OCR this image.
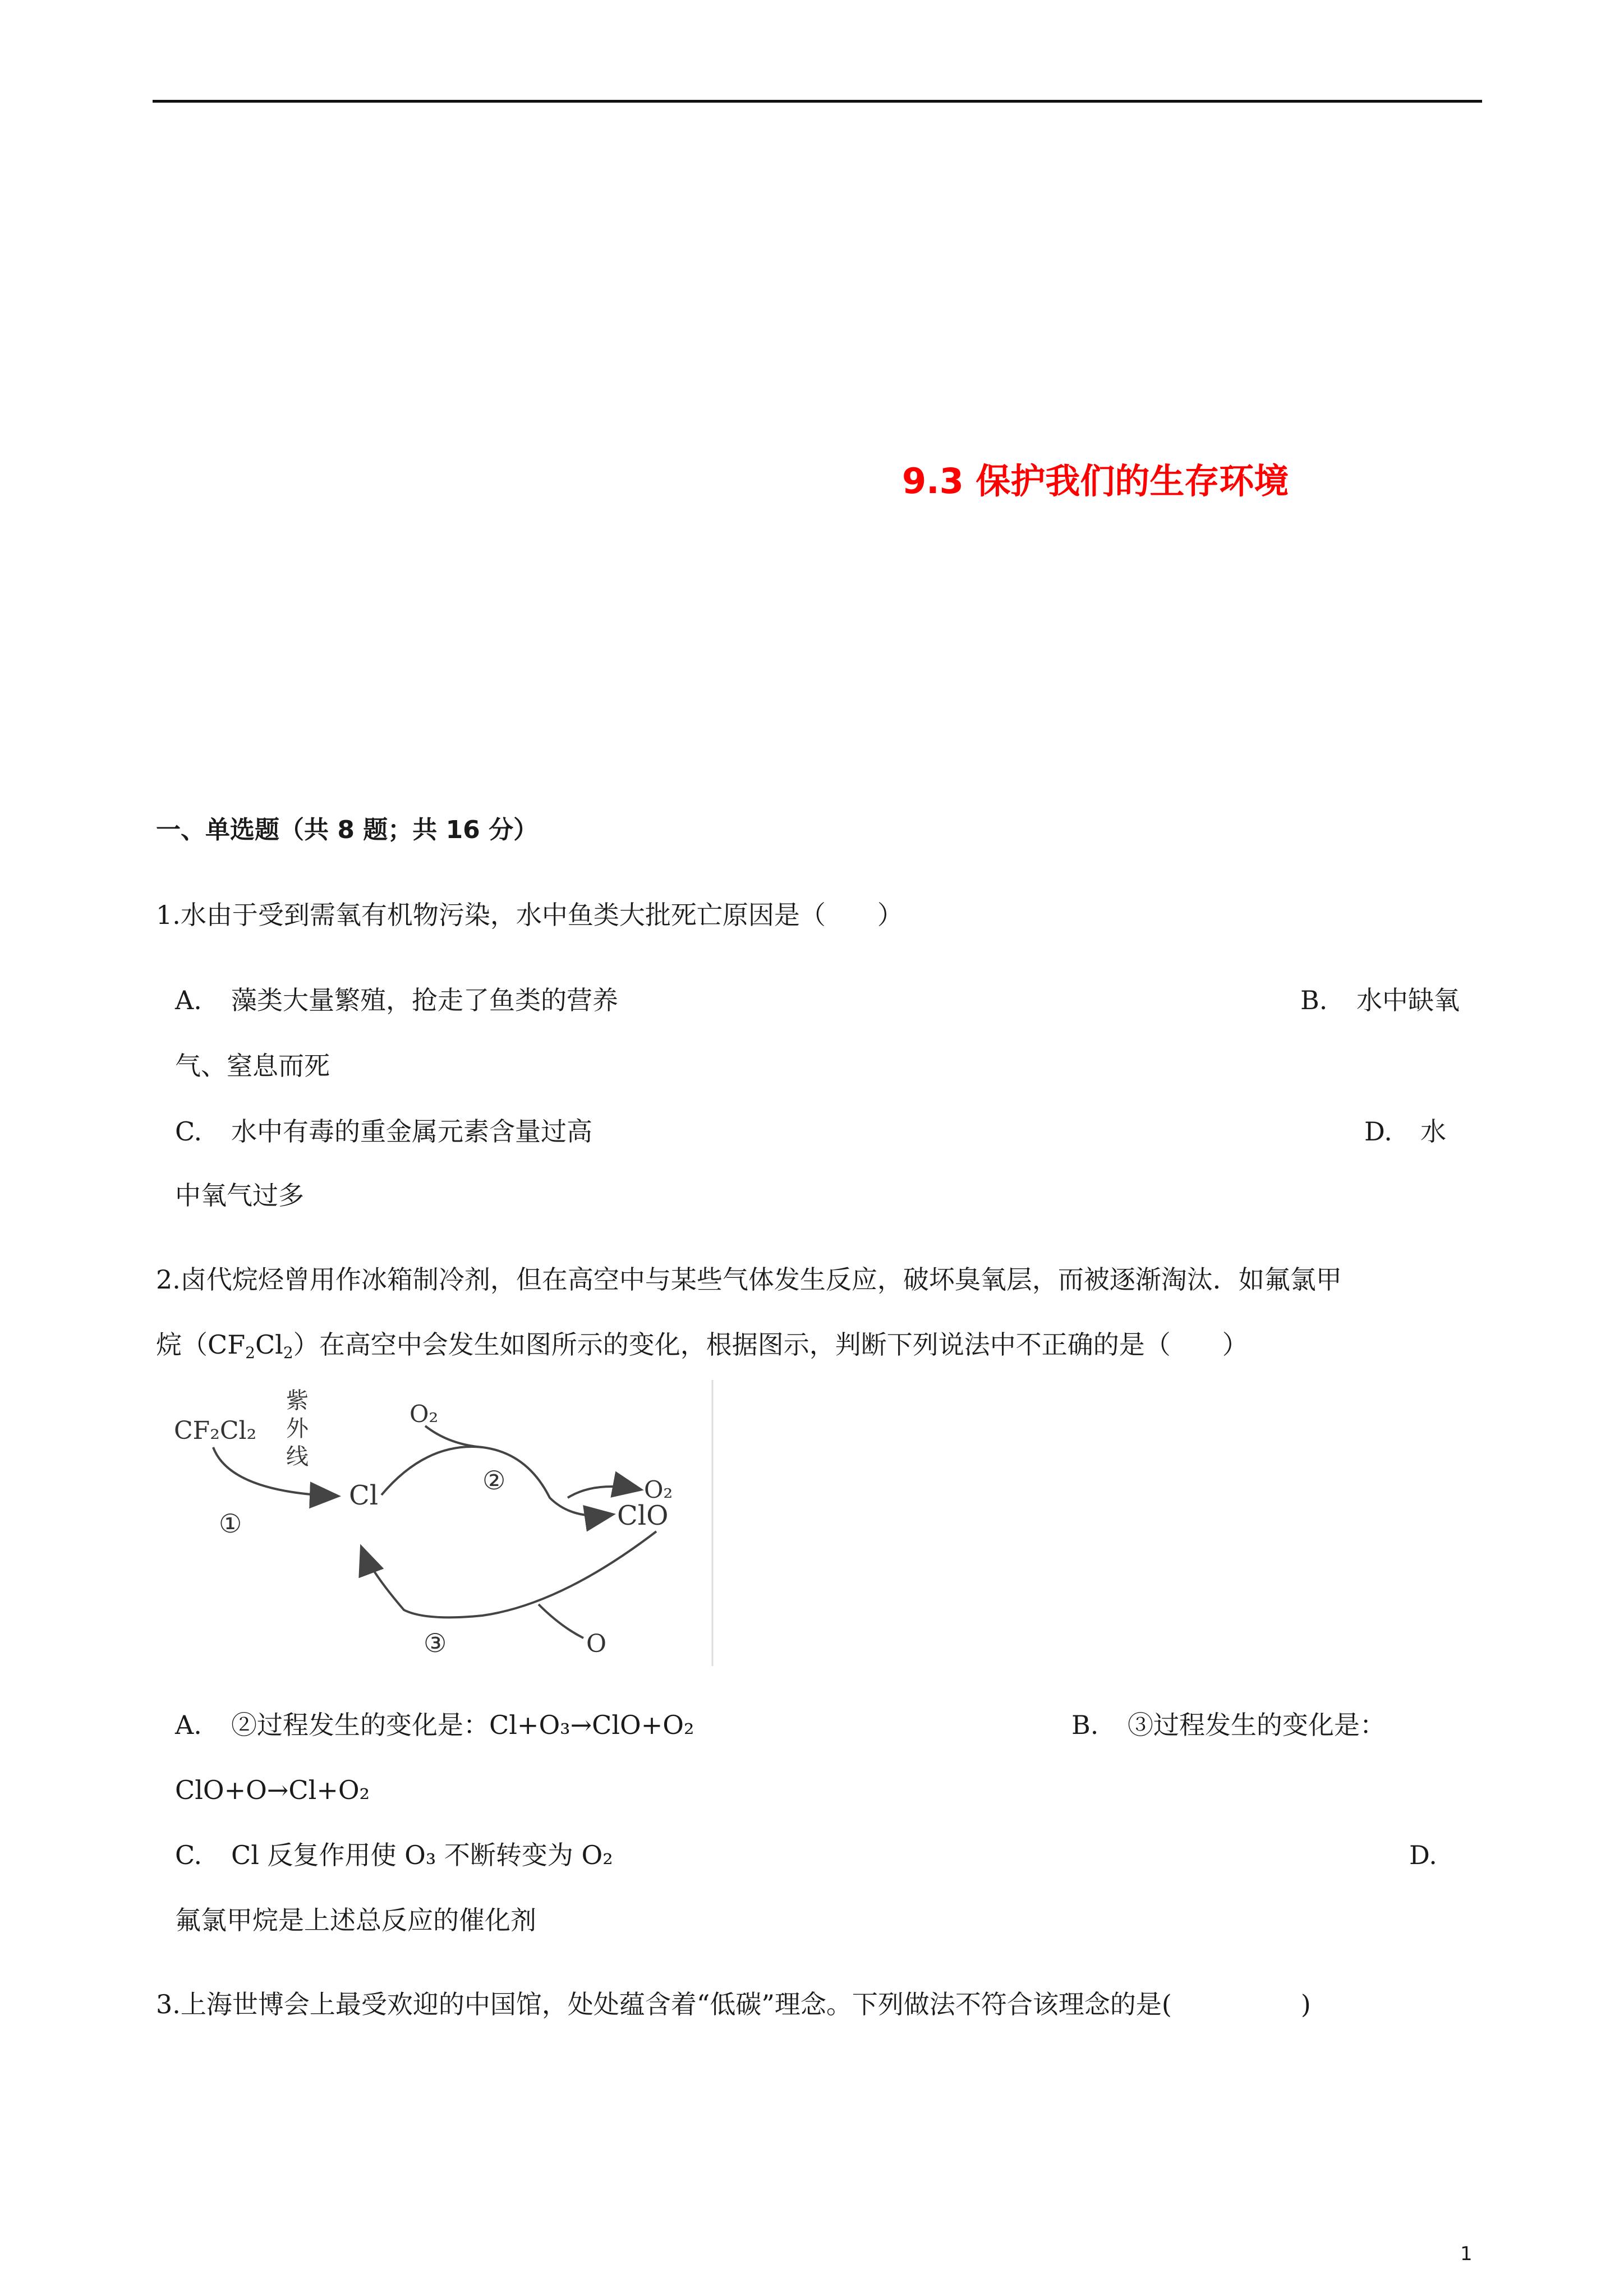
9.3 保护我们的生存环境
一、单选题（共 8 题；共 16 分）
1.水由于受到需氧有机物污染，水中鱼类大批死亡原因是（　　）
A. 藻类大量繁殖，抢走了鱼类的营养	B. 水中缺氧
气、窒息而死
C. 水中有毒的重金属元素含量过高	D. 水
中氧气过多
2.卤代烷烃曾用作冰箱制冷剂，但在高空中与某些气体发生反应，破坏臭氧层，而被逐渐淘汰．如氟氯甲
烷$(CF_2Cl_2)$在高空中会发生如图所示的变化，根据图示，判断下列说法中不正确的是（　　）
CF₂Cl₂
紫
外
线
①
Cl
O₂
②	O₂
ClO
③	O
A. ②过程发生的变化是：Cl+O₃→ClO+O₂	B. ③过程发生的变化是：
ClO+O→Cl+O₂
C. Cl 反复作用使 O₃ 不断转变为 O₂	D.
氟氯甲烷是上述总反应的催化剂
3.上海世博会上最受欢迎的中国馆，处处蕴含着“低碳”理念。下列做法不符合该理念的是(　　　　　)
1
